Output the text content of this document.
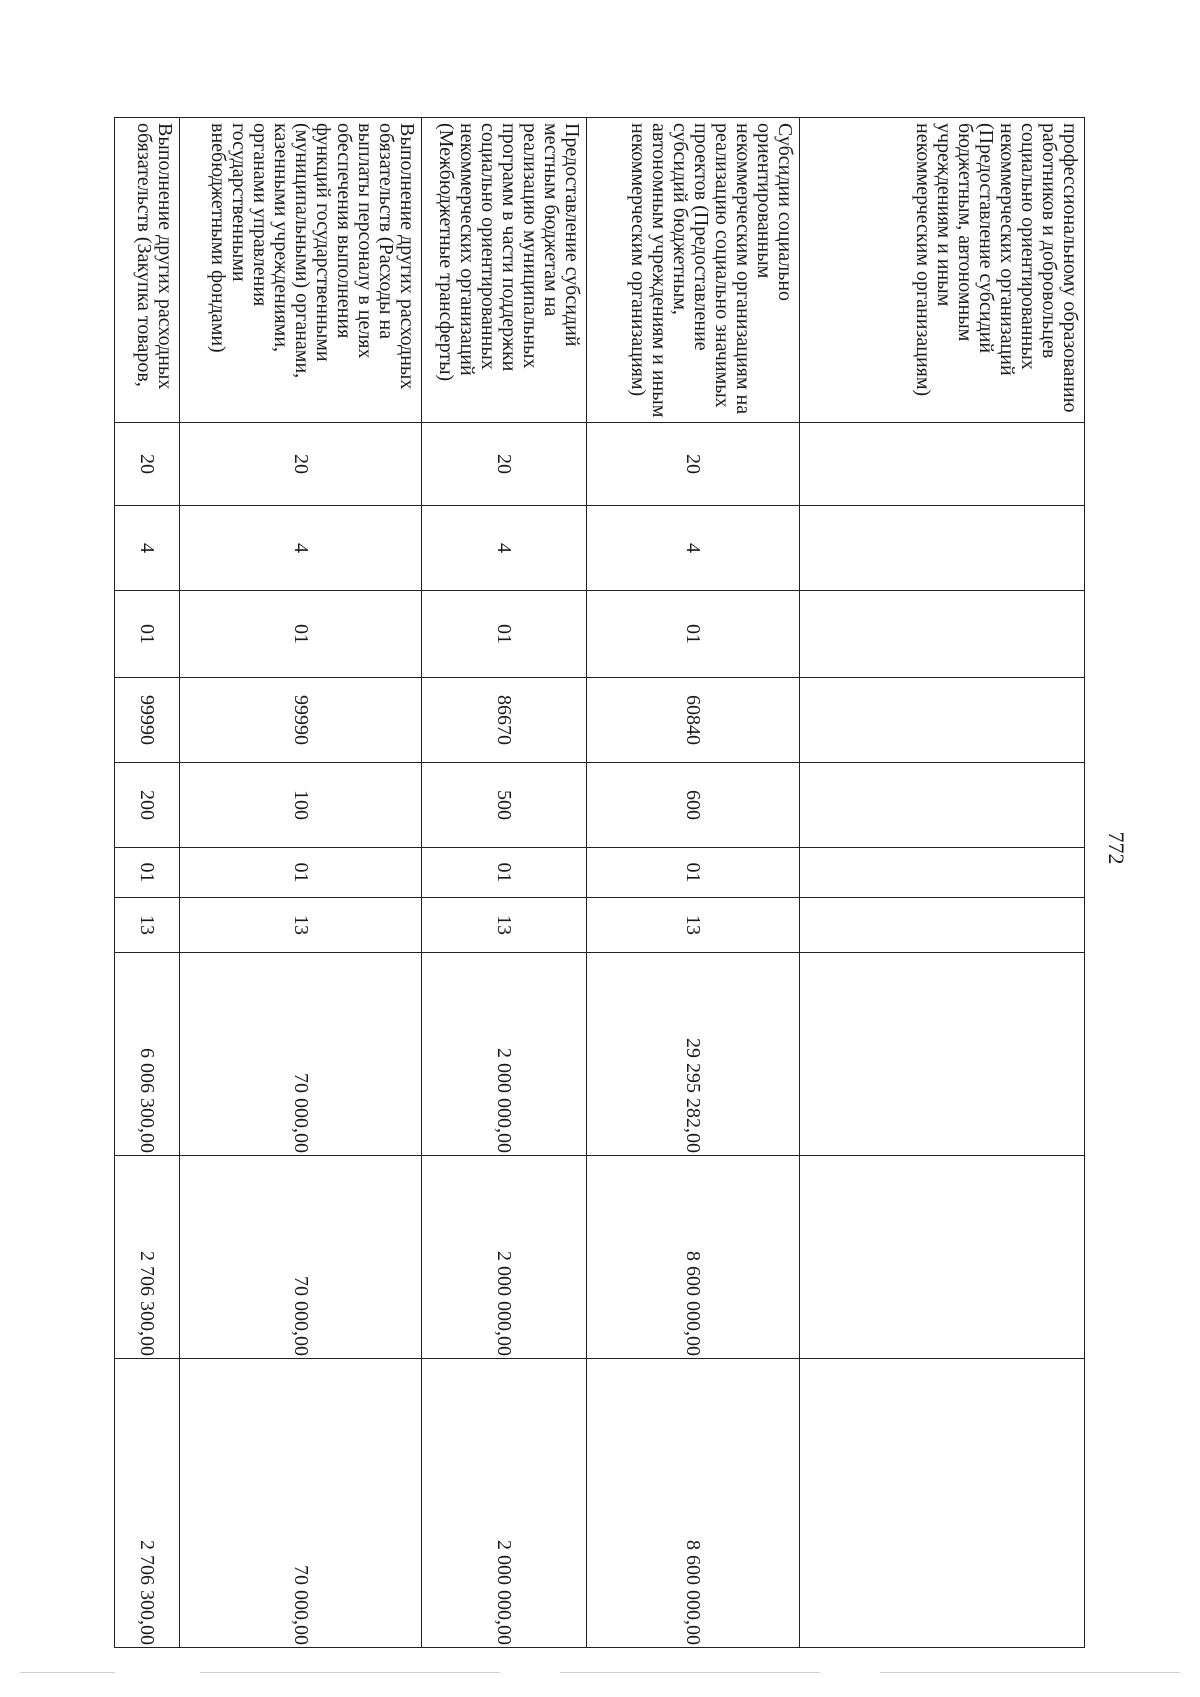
772
профессиональному образованию работников и добровольцев социально ориентированных некоммерческих организаций (Предоставление субсидий бюджетным, автономным учреждениям и иным некоммерческим организациям)										

Субсидии социально ориентированным некоммерческим организациям на реализацию социально значимых проектов (Предоставление субсидий бюджетным, автономным учреждениям и иным некоммерческим организациям)	20	4	01	60840	600	01	13	29 295 282,00	8 600 000,00	8 600 000,00

Предоставление субсидий местным бюджетам на реализацию муниципальных программ в части поддержки социально ориентированных некоммерческих организаций (Межбюджетные трансферты)	20	4	01	86670	500	01	13	2 000 000,00	2 000 000,00	2 000 000,00

Выполнение других расходных обязательств (Расходы на выплаты персоналу в целях обеспечения выполнения функций государственными (муниципальными) органами, казенными учреждениями, органами управления государственными внебюджетными фондами)	20	4	01	99990	100	01	13	70 000,00	70 000,00	70 000,00

Выполнение других расходных обязательств (Закупка товаров,	20	4	01	99990	200	01	13	6 006 300,00	2 706 300,00	2 706 300,00
